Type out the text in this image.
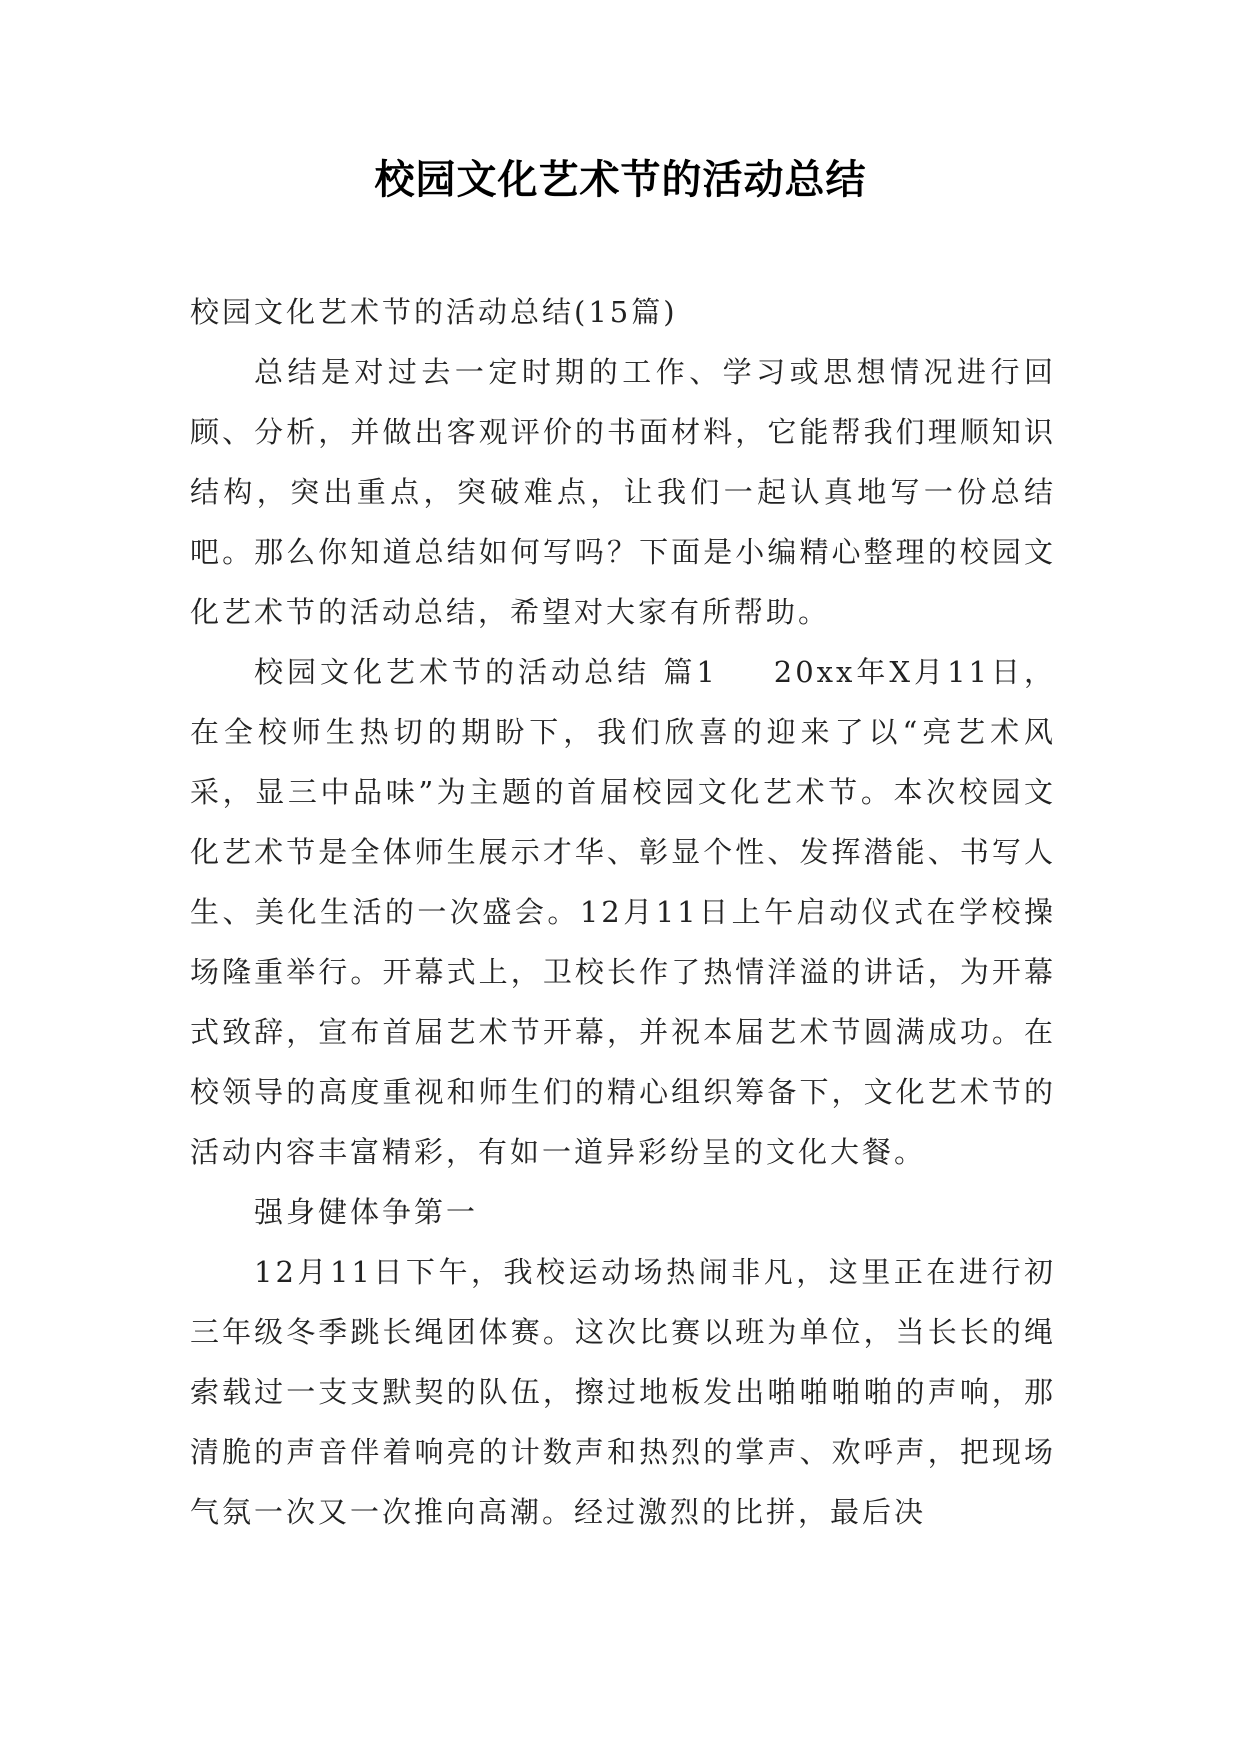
校园文化艺术节的活动总结

校园文化艺术节的活动总结(15篇)

总结是对过去一定时期的工作、学习或思想情况进行回顾、分析，并做出客观评价的书面材料，它能帮我们理顺知识结构，突出重点，突破难点，让我们一起认真地写一份总结吧。那么你知道总结如何写吗？下面是小编精心整理的校园文化艺术节的活动总结，希望对大家有所帮助。

校园文化艺术节的活动总结 篇1 20xx年X月11日，在全校师生热切的期盼下，我们欣喜的迎来了以“亮艺术风采，显三中品味”为主题的首届校园文化艺术节。本次校园文化艺术节是全体师生展示才华、彰显个性、发挥潜能、书写人生、美化生活的一次盛会。12月11日上午启动仪式在学校操场隆重举行。开幕式上，卫校长作了热情洋溢的讲话，为开幕式致辞，宣布首届艺术节开幕，并祝本届艺术节圆满成功。在校领导的高度重视和师生们的精心组织筹备下，文化艺术节的活动内容丰富精彩，有如一道异彩纷呈的文化大餐。

强身健体争第一

12月11日下午，我校运动场热闹非凡，这里正在进行初三年级冬季跳长绳团体赛。这次比赛以班为单位，当长长的绳索载过一支支默契的队伍，擦过地板发出啪啪啪啪的声响，那清脆的声音伴着响亮的计数声和热烈的掌声、欢呼声，把现场气氛一次又一次推向高潮。经过激烈的比拼，最后决
